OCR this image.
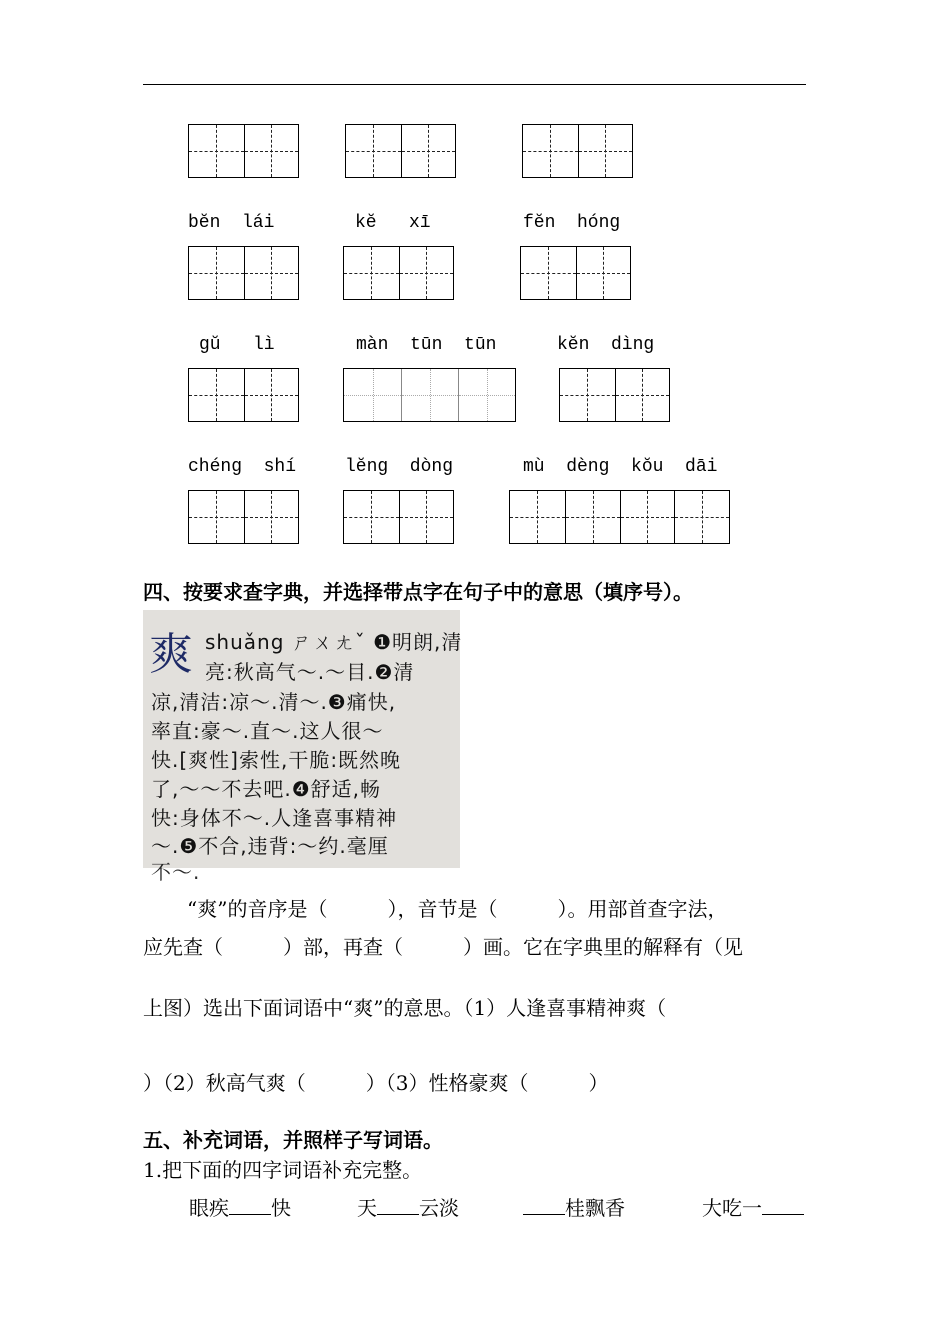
bĕn  lái	kĕ   xī	fĕn  hóng
gŭ   lì	màn  tūn  tūn	kĕn  dìng
chéng  shí	lĕng  dòng	mù  dèng  kŏu  dāi
四、按要求查字典，并选择带点字在句子中的意思（填序号）。
爽 shuǎng ㄕㄨㄤˇ ❶明朗,清
亮:秋高气～.～目.❷清
凉,清洁:凉～.清～.❸痛快,
率直:豪～.直～.这人很～
快.[爽性]索性,干脆:既然晚
了,～～不去吧.❹舒适,畅
快:身体不～.人逢喜事精神
～.❺不合,违背:～约.毫厘
不～.
“爽”的音序是（　　　），音节是（　　　）。用部首查字法，
应先查（　　　）部，再查（　　　）画。它在字典里的解释有（见
上图）选出下面词语中“爽”的意思。（1）人逢喜事精神爽（
）（2）秋高气爽（　　　）（3）性格豪爽（　　　）
五、补充词语，并照样子写词语。
1.把下面的四字词语补充完整。
眼疾 快	天 云淡	桂飘香	大吃一
